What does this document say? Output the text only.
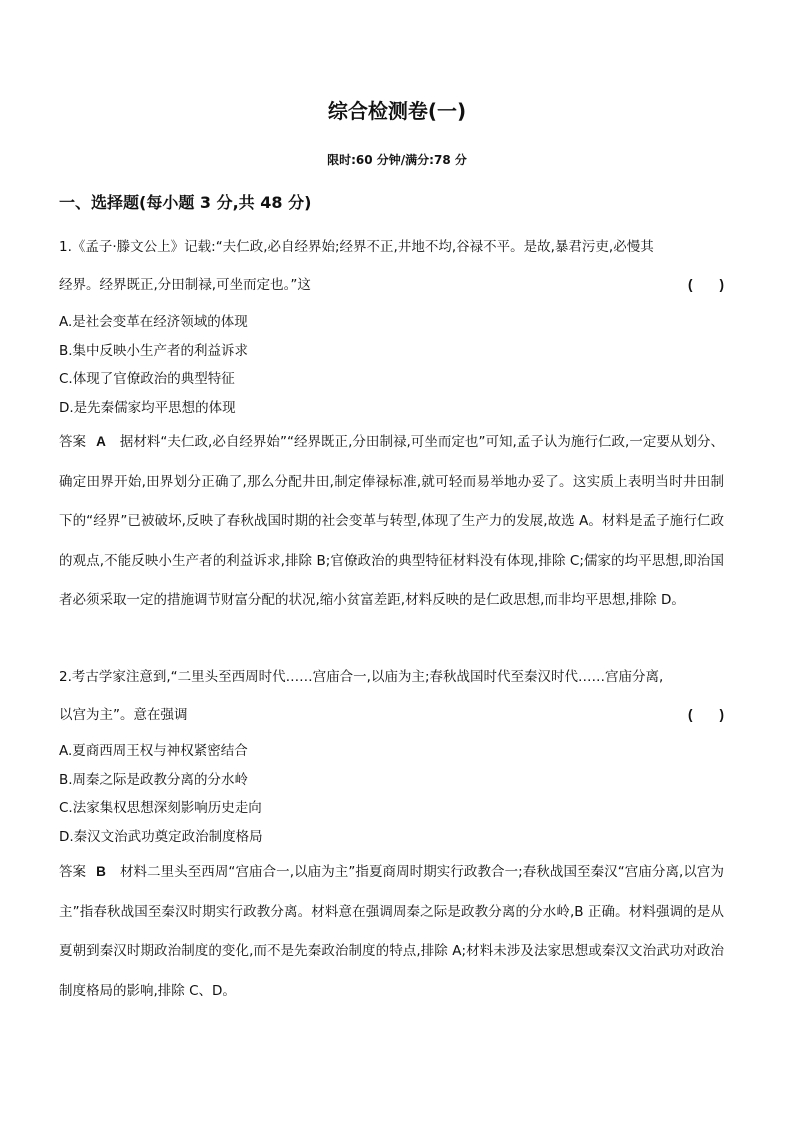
综合检测卷(一)
限时:60 分钟/满分:78 分
一、选择题(每小题 3 分,共 48 分)
1.《孟子·滕文公上》记载:“夫仁政,必自经界始;经界不正,井地不均,谷禄不平。是故,暴君污吏,必慢其
经界。经界既正,分田制禄,可坐而定也。”这	(　　)
A.是社会变革在经济领域的体现
B.集中反映小生产者的利益诉求
C.体现了官僚政治的典型特征
D.是先秦儒家均平思想的体现

答案 A 据材料“夫仁政,必自经界始”“经界既正,分田制禄,可坐而定也”可知,孟子认为施行仁政,一定要从划分、确定田界开始,田界划分正确了,那么分配井田,制定俸禄标准,就可轻而易举地办妥了。这实质上表明当时井田制下的“经界”已被破坏,反映了春秋战国时期的社会变革与转型,体现了生产力的发展,故选 A。材料是孟子施行仁政的观点,不能反映小生产者的利益诉求,排除 B;官僚政治的典型特征材料没有体现,排除 C;儒家的均平思想,即治国者必须采取一定的措施调节财富分配的状况,缩小贫富差距,材料反映的是仁政思想,而非均平思想,排除 D。

2.考古学家注意到,“二里头至西周时代……宫庙合一,以庙为主;春秋战国时代至秦汉时代……宫庙分离,
以宫为主”。意在强调	(　　)
A.夏商西周王权与神权紧密结合
B.周秦之际是政教分离的分水岭
C.法家集权思想深刻影响历史走向
D.秦汉文治武功奠定政治制度格局

答案 B 材料二里头至西周“宫庙合一,以庙为主”指夏商周时期实行政教合一;春秋战国至秦汉“宫庙分离,以宫为主”指春秋战国至秦汉时期实行政教分离。材料意在强调周秦之际是政教分离的分水岭,B 正确。材料强调的是从夏朝到秦汉时期政治制度的变化,而不是先秦政治制度的特点,排除 A;材料未涉及法家思想或秦汉文治武功对政治制度格局的影响,排除 C、D。
